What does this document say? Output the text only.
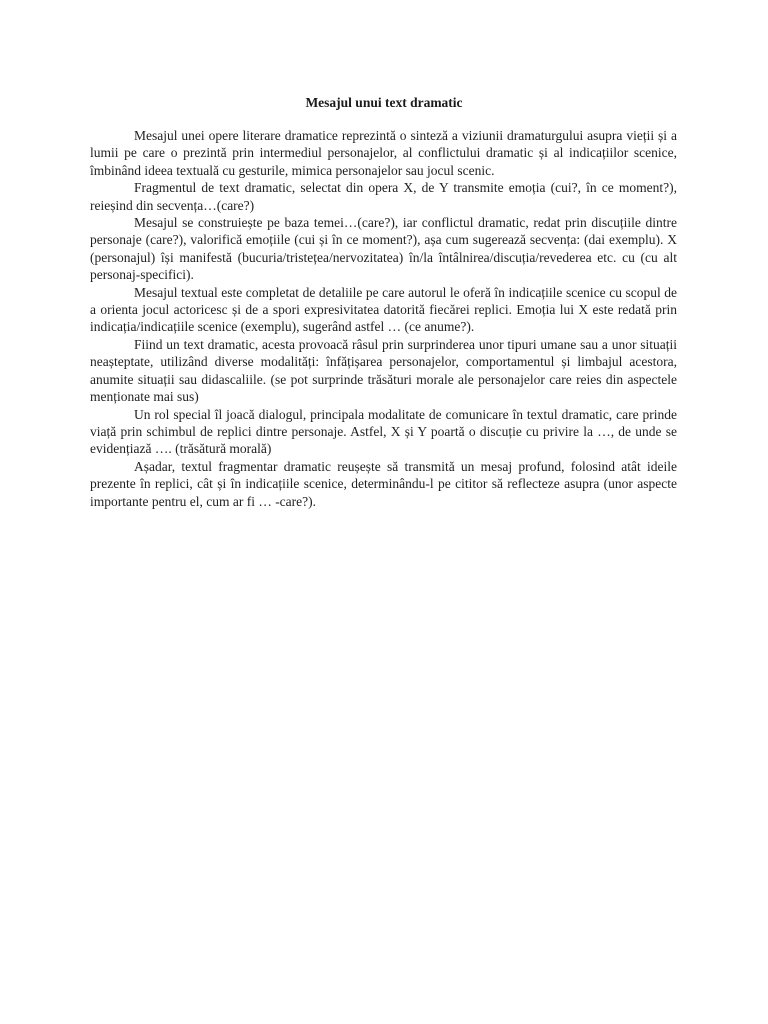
Mesajul unui text dramatic

Mesajul unei opere literare dramatice reprezintă o sinteză a viziunii dramaturgului asupra vieții și a lumii pe care o prezintă prin intermediul personajelor, al conflictului dramatic și al indicațiilor scenice, îmbinând ideea textuală cu gesturile, mimica personajelor sau jocul scenic.

Fragmentul de text dramatic, selectat din opera X, de Y transmite emoția (cui?, în ce moment?), reieșind din secvența…(care?)

Mesajul se construiește pe baza temei…(care?), iar conflictul dramatic, redat prin discuțiile dintre personaje (care?), valorifică emoțiile (cui și în ce moment?), așa cum sugerează secvența: (dai exemplu). X (personajul) își manifestă (bucuria/tristețea/nervozitatea) în/la întâlnirea/discuția/revederea etc. cu (cu alt personaj-specifici).

Mesajul textual este completat de detaliile pe care autorul le oferă în indicațiile scenice cu scopul de a orienta jocul actoricesc și de a spori expresivitatea datorită fiecărei replici. Emoția lui X este redată prin indicația/indicațiile scenice (exemplu), sugerând astfel … (ce anume?).

Fiind un text dramatic, acesta provoacă râsul prin surprinderea unor tipuri umane sau a unor situații neașteptate, utilizând diverse modalități: înfățișarea personajelor, comportamentul și limbajul acestora, anumite situații sau didascaliile. (se pot surprinde trăsături morale ale personajelor care reies din aspectele menționate mai sus)

Un rol special îl joacă dialogul, principala modalitate de comunicare în textul dramatic, care prinde viață prin schimbul de replici dintre personaje. Astfel, X și Y poartă o discuție cu privire la …, de unde se evidențiază …. (trăsătură morală)

Așadar, textul fragmentar dramatic reușește să transmită un mesaj profund, folosind atât ideile prezente în replici, cât și în indicațiile scenice, determinându-l pe cititor să reflecteze asupra (unor aspecte importante pentru el, cum ar fi … -care?).
